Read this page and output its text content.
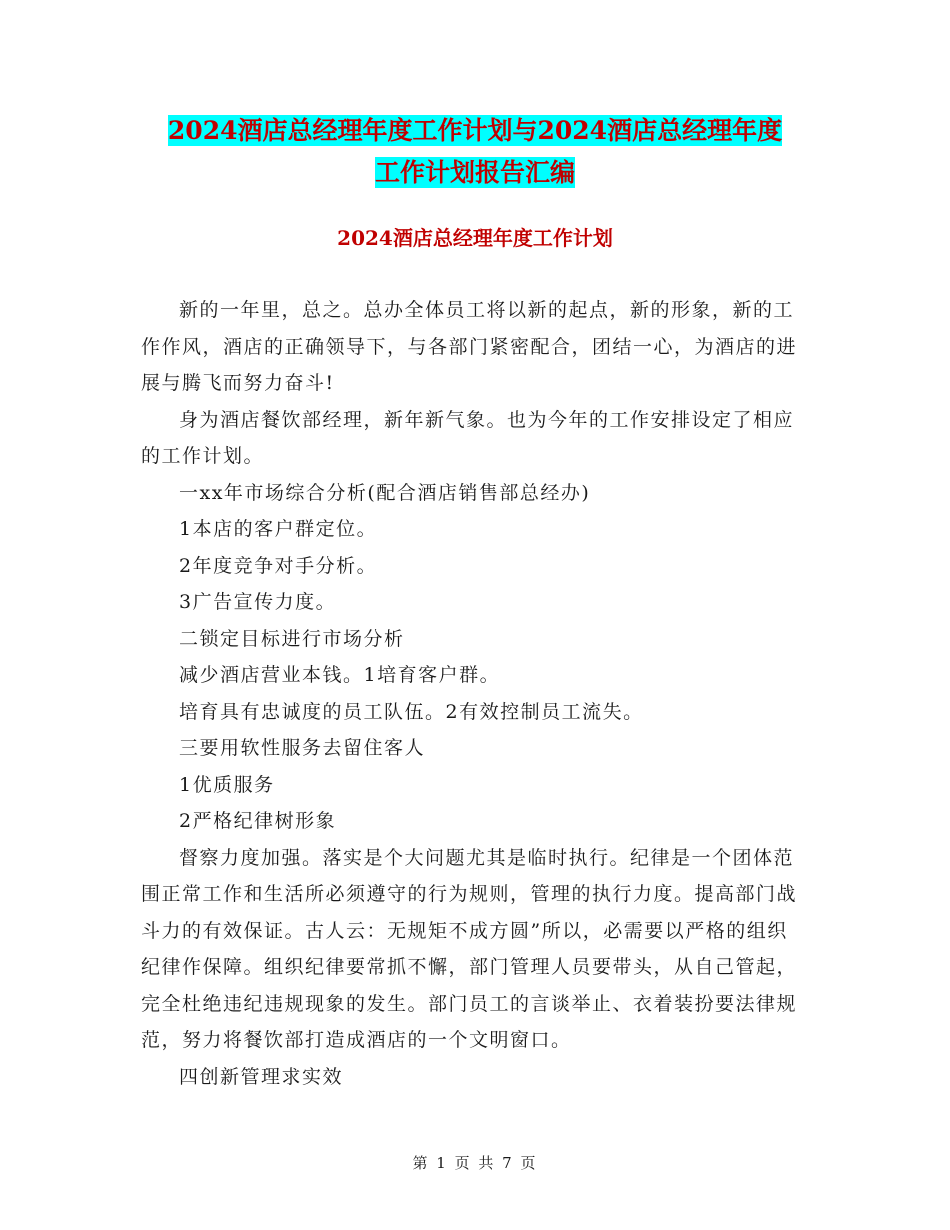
2024酒店总经理年度工作计划与2024酒店总经理年度
工作计划报告汇编
2024酒店总经理年度工作计划

新的一年里，总之。总办全体员工将以新的起点，新的形象，新的工作作风，酒店的正确领导下，与各部门紧密配合，团结一心，为酒店的进展与腾飞而努力奋斗!

身为酒店餐饮部经理，新年新气象。也为今年的工作安排设定了相应的工作计划。

一xx年市场综合分析(配合酒店销售部总经办)

1本店的客户群定位。

2年度竞争对手分析。

3广告宣传力度。

二锁定目标进行市场分析

减少酒店营业本钱。1培育客户群。

培育具有忠诚度的员工队伍。2有效控制员工流失。

三要用软性服务去留住客人

1优质服务

2严格纪律树形象

督察力度加强。落实是个大问题尤其是临时执行。纪律是一个团体范围正常工作和生活所必须遵守的行为规则，管理的执行力度。提高部门战斗力的有效保证。古人云：无规矩不成方圆”所以，必需要以严格的组织纪律作保障。组织纪律要常抓不懈，部门管理人员要带头，从自己管起，完全杜绝违纪违规现象的发生。部门员工的言谈举止、衣着装扮要法律规范，努力将餐饮部打造成酒店的一个文明窗口。

四创新管理求实效

第 1 页 共 7 页
